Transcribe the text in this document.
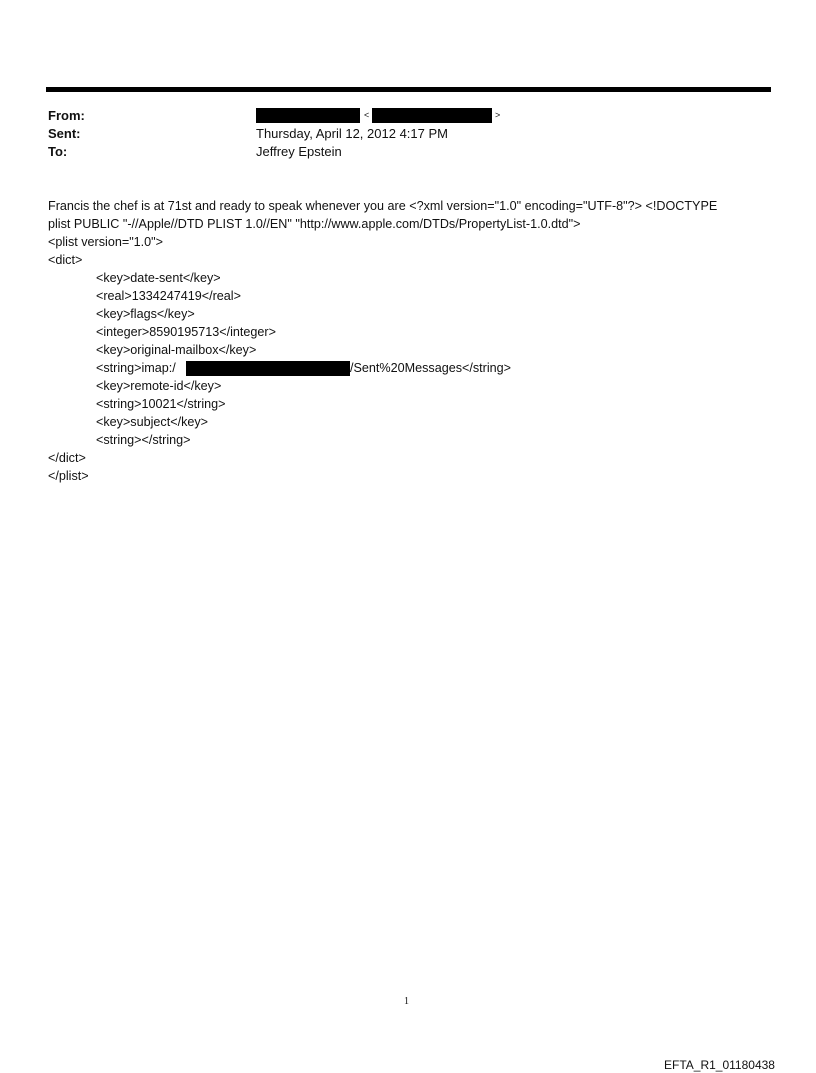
From:
Sent:
To:
<	>
Thursday, April 12, 2012 4:17 PM
Jeffrey Epstein
Francis the chef is at 71st and ready to speak whenever you are <?xml version="1.0" encoding="UTF-8"?> <!DOCTYPE
plist PUBLIC "-//Apple//DTD PLIST 1.0//EN" "http://www.apple.com/DTDs/PropertyList-1.0.dtd">
<plist version="1.0">
<dict>
<key>date-sent</key>
<real>1334247419</real>
<key>flags</key>
<integer>8590195713</integer>
<key>original-mailbox</key>
<string>imap:/	/Sent%20Messages</string>
<key>remote-id</key>
<string>10021</string>
<key>subject</key>
<string></string>
</dict>
</plist>
1
EFTA_R1_01180438
